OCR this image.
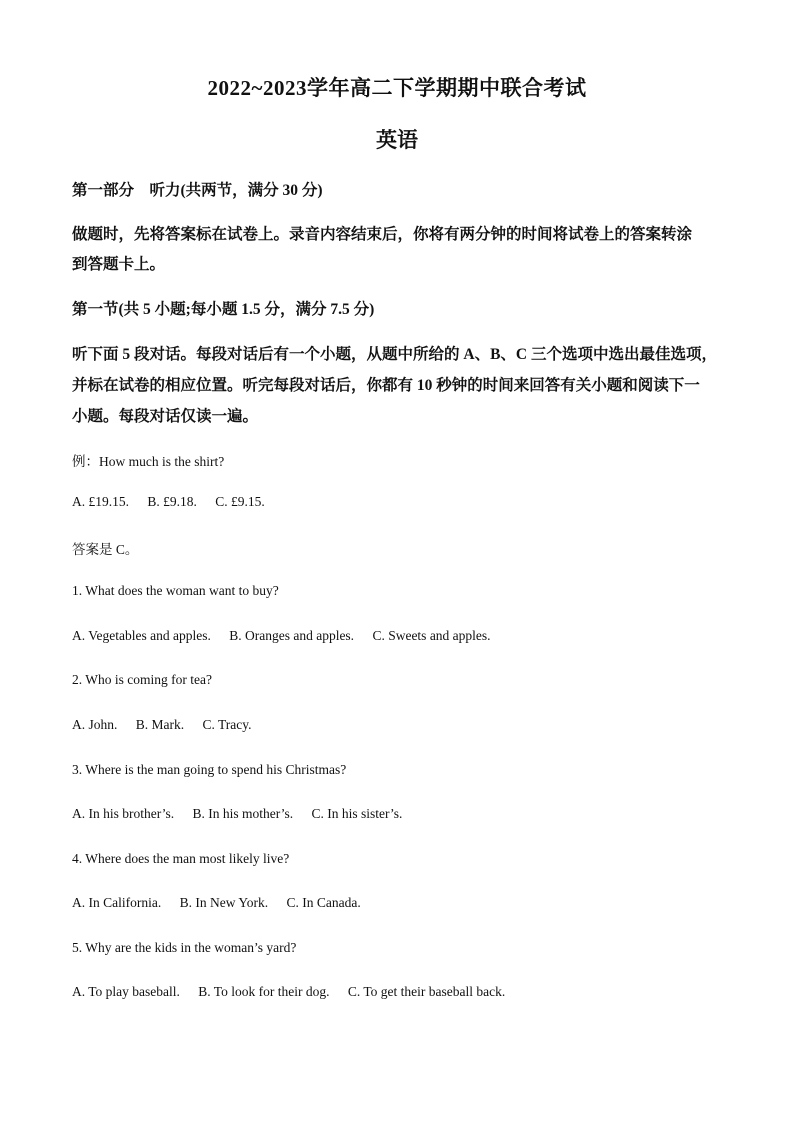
2022~2023学年高二下学期期中联合考试
英语
第一部分　听力(共两节，满分 30 分)
做题时，先将答案标在试卷上。录音内容结束后，你将有两分钟的时间将试卷上的答案转涂
到答题卡上。
第一节(共 5 小题;每小题 1.5 分，满分 7.5 分)
听下面 5 段对话。每段对话后有一个小题，从题中所给的 A、B、C 三个选项中选出最佳选项，
并标在试卷的相应位置。听完每段对话后，你都有 10 秒钟的时间来回答有关小题和阅读下一
小题。每段对话仅读一遍。
例：How much is the shirt?
A. £19.15. B. £9.18. C. £9.15.
答案是 C。
1. What does the woman want to buy?
A. Vegetables and apples. B. Oranges and apples. C. Sweets and apples.
2. Who is coming for tea?
A. John. B. Mark. C. Tracy.
3. Where is the man going to spend his Christmas?
A. In his brother’s. B. In his mother’s. C. In his sister’s.
4. Where does the man most likely live?
A. In California. B. In New York. C. In Canada.
5. Why are the kids in the woman’s yard?
A. To play baseball. B. To look for their dog. C. To get their baseball back.
